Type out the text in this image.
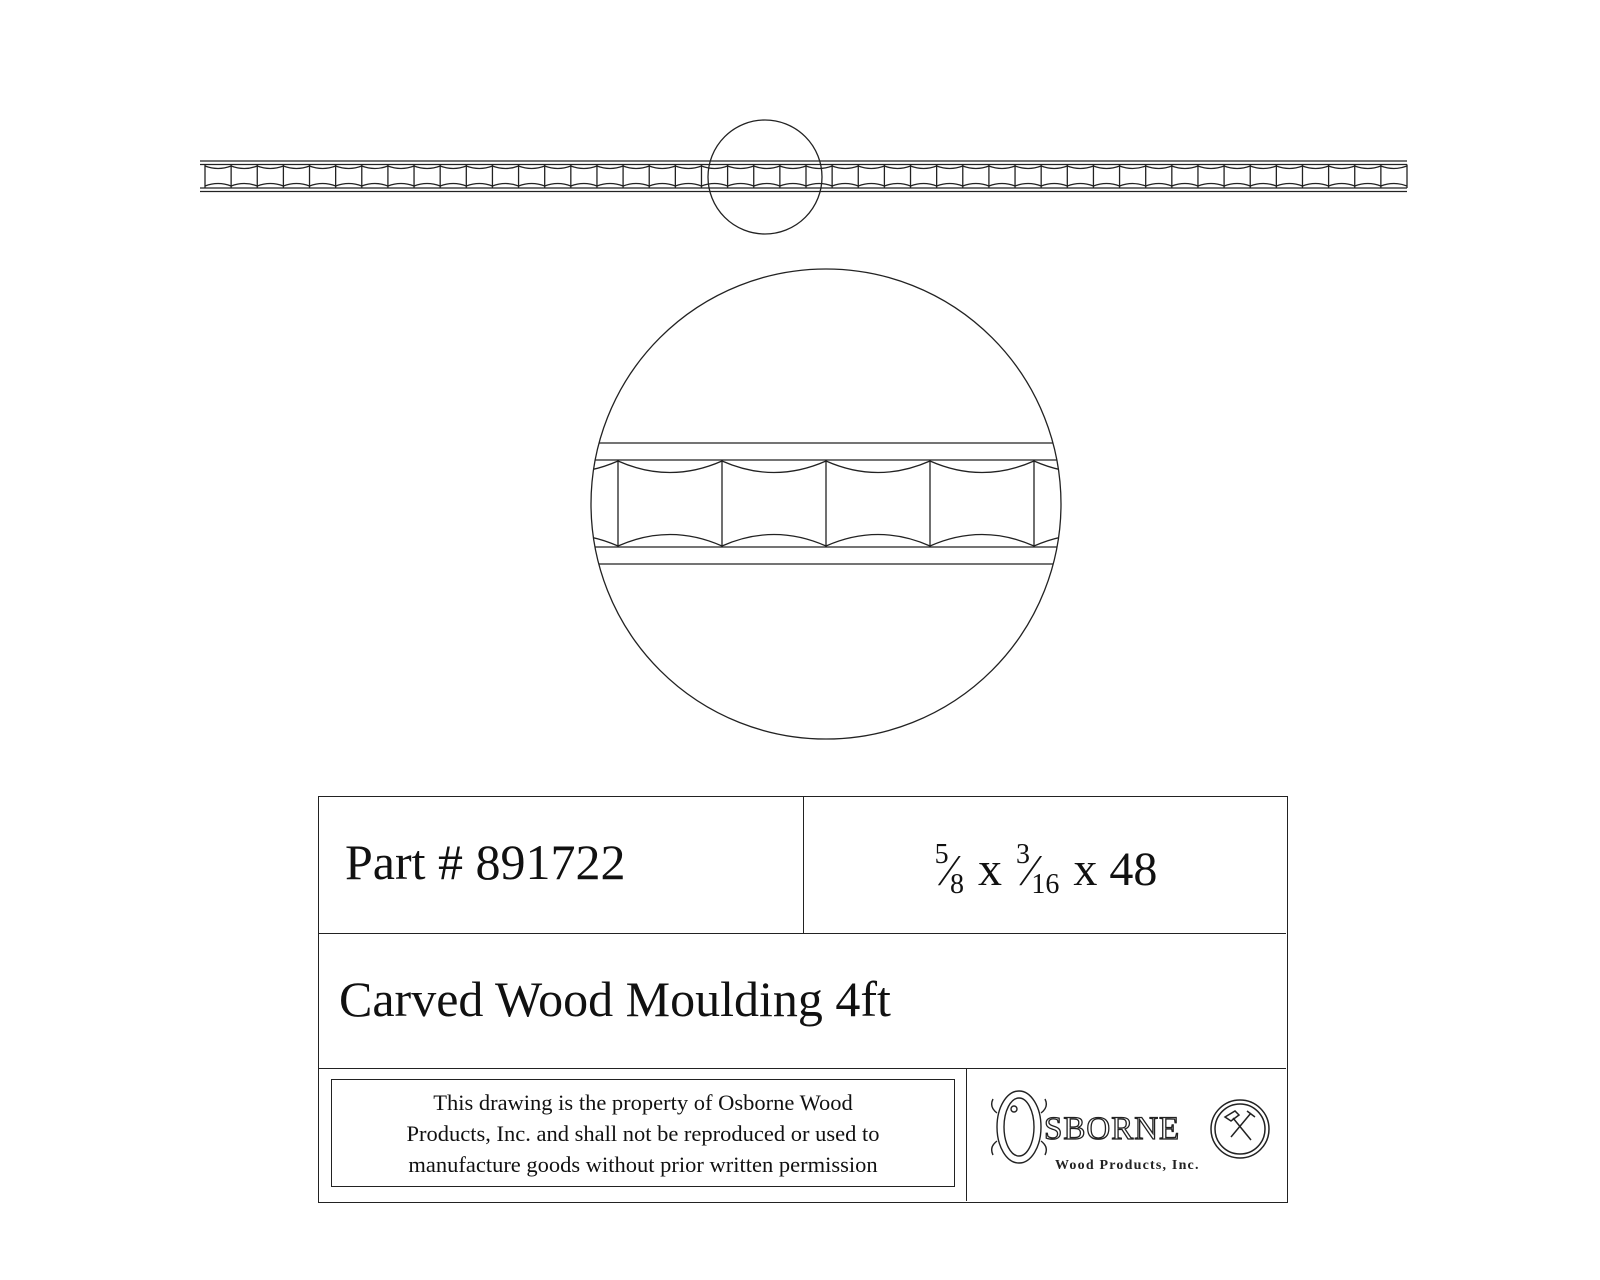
Part # 891722	$^5$⁄8 x $^3$⁄16 x 48
Carved Wood Moulding 4ft
This drawing is the property of Osborne Wood
Products, Inc. and shall not be reproduced or used to
manufacture goods without prior written permission
SBORNE
Wood Products, Inc.
